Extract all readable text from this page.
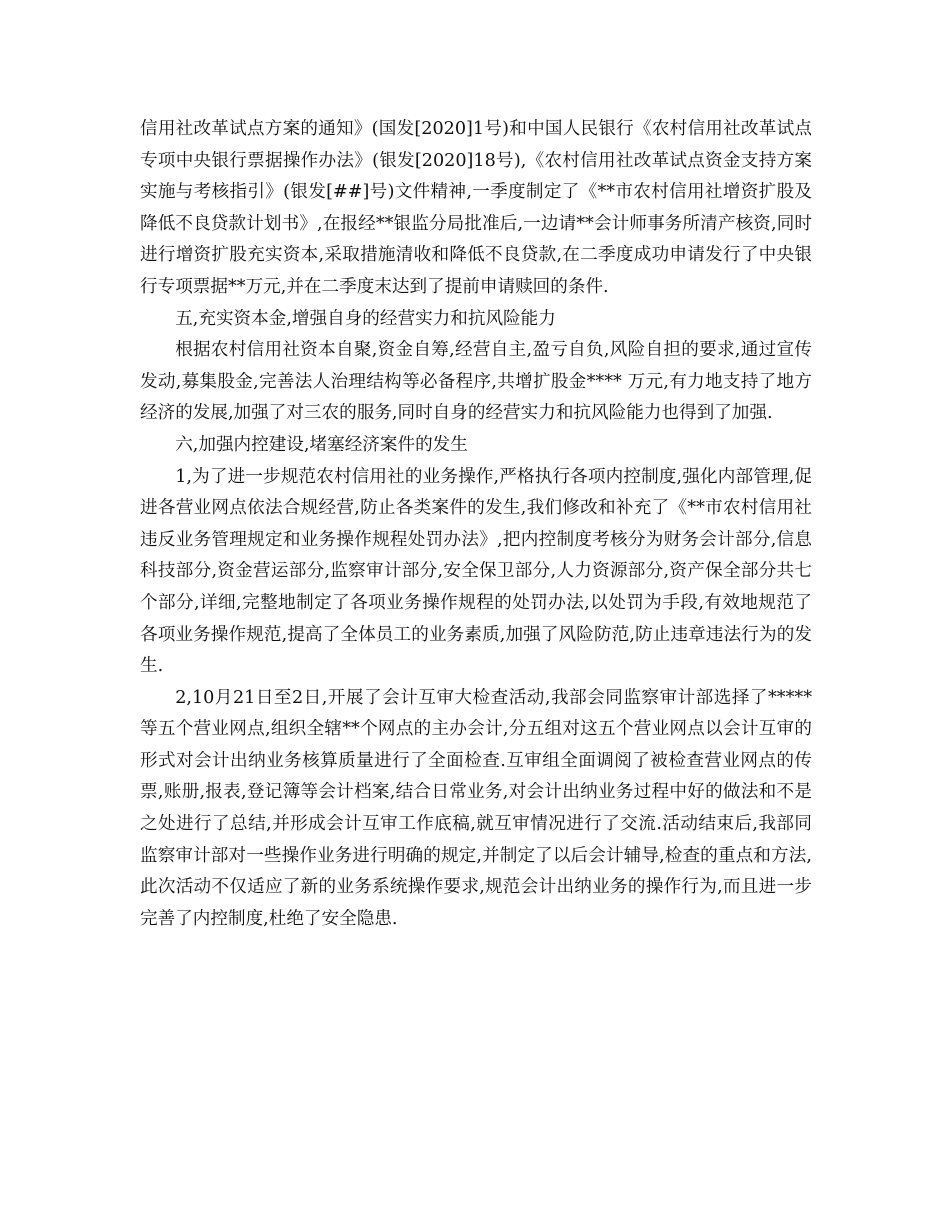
信用社改革试点方案的通知》(国发[2020]1号)和中国人民银行《农村信用社改革试点专项中央银行票据操作办法》(银发[2020]18号),《农村信用社改革试点资金支持方案实施与考核指引》(银发[##]号)文件精神,一季度制定了《**市农村信用社增资扩股及降低不良贷款计划书》,在报经**银监分局批准后,一边请**会计师事务所清产核资,同时进行增资扩股充实资本,采取措施清收和降低不良贷款,在二季度成功申请发行了中央银行专项票据**万元,并在二季度末达到了提前申请赎回的条件.

五,充实资本金,增强自身的经营实力和抗风险能力

根据农村信用社资本自聚,资金自筹,经营自主,盈亏自负,风险自担的要求,通过宣传发动,募集股金,完善法人治理结构等必备程序,共增扩股金**** 万元,有力地支持了地方经济的发展,加强了对三农的服务,同时自身的经营实力和抗风险能力也得到了加强.

六,加强内控建设,堵塞经济案件的发生

1,为了进一步规范农村信用社的业务操作,严格执行各项内控制度,强化内部管理,促进各营业网点依法合规经营,防止各类案件的发生,我们修改和补充了《**市农村信用社违反业务管理规定和业务操作规程处罚办法》,把内控制度考核分为财务会计部分,信息科技部分,资金营运部分,监察审计部分,安全保卫部分,人力资源部分,资产保全部分共七个部分,详细,完整地制定了各项业务操作规程的处罚办法,以处罚为手段,有效地规范了各项业务操作规范,提高了全体员工的业务素质,加强了风险防范,防止违章违法行为的发生.

2,10月21日至2日,开展了会计互审大检查活动,我部会同监察审计部选择了*****等五个营业网点,组织全辖**个网点的主办会计,分五组对这五个营业网点以会计互审的形式对会计出纳业务核算质量进行了全面检查.互审组全面调阅了被检查营业网点的传票,账册,报表,登记簿等会计档案,结合日常业务,对会计出纳业务过程中好的做法和不是之处进行了总结,并形成会计互审工作底稿,就互审情况进行了交流.活动结束后,我部同监察审计部对一些操作业务进行明确的规定,并制定了以后会计辅导,检查的重点和方法,此次活动不仅适应了新的业务系统操作要求,规范会计出纳业务的操作行为,而且进一步完善了内控制度,杜绝了安全隐患.
